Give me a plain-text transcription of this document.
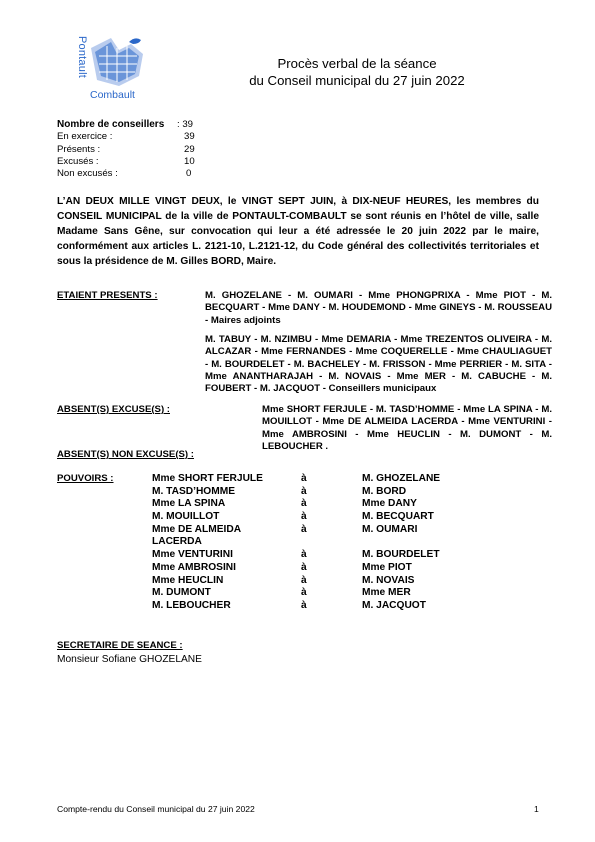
Pontault
Combault
Procès verbal de la séance
du Conseil municipal du 27 juin 2022
Nombre de conseillers : 39
En exercice :	39
Présents :	29
Excusés :	10
Non excusés :	0

L’AN DEUX MILLE VINGT DEUX, le VINGT SEPT JUIN, à DIX-NEUF HEURES, les membres du CONSEIL MUNICIPAL de la ville de PONTAULT-COMBAULT se sont réunis en l’hôtel de ville, salle Madame Sans Gêne, sur convocation qui leur a été adressée le 20 juin 2022 par le maire, conformément aux articles L. 2121-10, L.2121-12, du Code général des collectivités territoriales et sous la présidence de M. Gilles BORD, Maire.

ETAIENT PRESENTS :	M. GHOZELANE - M. OUMARI - Mme PHONGPRIXA - Mme PIOT - M. BECQUART - Mme DANY - M. HOUDEMOND - Mme GINEYS - M. ROUSSEAU - Maires adjoints

M. TABUY - M. NZIMBU - Mme DEMARIA - Mme TREZENTOS OLIVEIRA - M. ALCAZAR - Mme FERNANDES - Mme COQUERELLE - Mme CHAULIAGUET - M. BOURDELET - M. BACHELEY - M. FRISSON - Mme PERRIER - M. SITA - Mme ANANTHARAJAH - M. NOVAIS - Mme MER - M. CABUCHE - M. FOUBERT - M. JACQUOT - Conseillers municipaux

ABSENT(S) EXCUSE(S) :	Mme SHORT FERJULE - M. TASD’HOMME - Mme LA SPINA - M. MOUILLOT - Mme DE ALMEIDA LACERDA - Mme VENTURINI - Mme AMBROSINI - Mme HEUCLIN - M. DUMONT - M. LEBOUCHER .

ABSENT(S) NON EXCUSE(S) :
POUVOIRS :	Mme SHORT FERJULE	à	M. GHOZELANE
M. TASD’HOMME	à	M. BORD
Mme LA SPINA	à	Mme DANY
M. MOUILLOT	à	M. BECQUART
Mme DE ALMEIDA LACERDA
à	M. OUMARI
Mme VENTURINI	à	M. BOURDELET
Mme AMBROSINI	à	Mme PIOT
Mme HEUCLIN	à	M. NOVAIS
M. DUMONT	à	Mme MER
M. LEBOUCHER	à	M. JACQUOT
SECRETAIRE DE SEANCE :
Monsieur Sofiane GHOZELANE
Compte-rendu du Conseil municipal du 27 juin 2022	1
